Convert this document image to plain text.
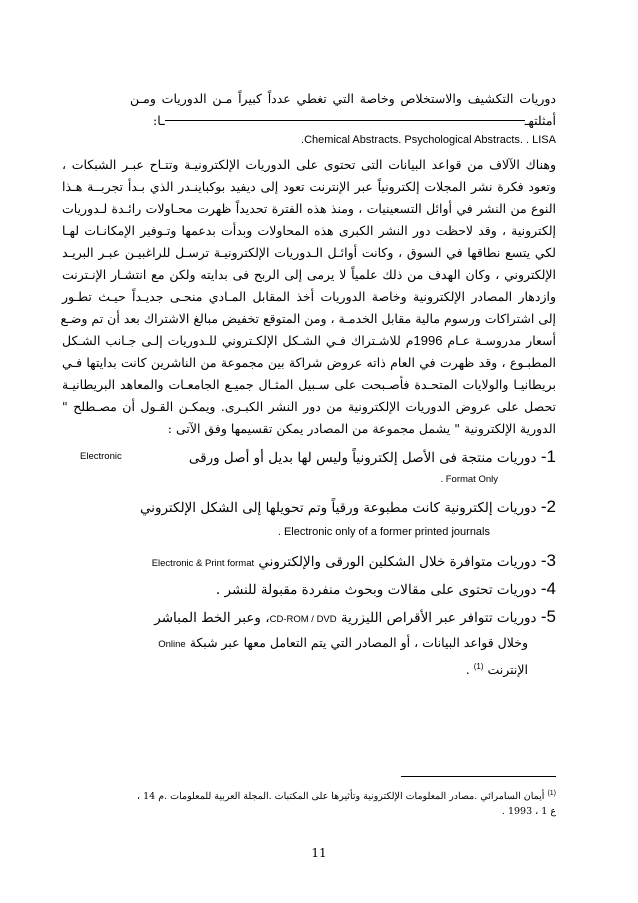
دوريات التكشيف والاستخلاص وخاصة التي تغطي عدداً كبيراً مـن الدوريات ومـن
أمثلتهــا:
.Chemical Abstracts. Psychological Abstracts. . LISA
وهناك الآلاف من قواعد البيانات التى تحتوى على الدوريات الإلكترونيـة وتتـاح عبـر الشبكات ،
وتعود فكرة نشر المجلات إلكترونياً عبر الإنترنت تعود إلى ديفيد بوكباينـدر الذي بـدأ تجربــة هـذا
النوع من النشر في أوائل التسعينيات ، ومنذ هذه الفترة تحديداً ظهرت محـاولات رائـدة لـدوريات
إلكترونية ، وقد لاحظت دور النشر الكبرى هذه المحاولات وبدأت بدعمها وتـوفير الإمكانـات لهـا
لكي يتسع نطاقها في السوق ، وكانت أوائـل الـدوريات الإلكترونيـة ترسـل للراغبيـن عبـر البريـد
الإلكتروني ، وكان الهدف من ذلك علمياً لا يرمى إلى الربح فى بدايته ولكن مع انتشـار الإنـترنت
وازدهار المصادر الإلكترونية وخاصة الدوريات أخذ المقابل المـادي منحـى جديـداً حيـث تطـور
إلى اشتراكات ورسوم مالية مقابل الخدمـة ، ومن المتوقع تخفيض مبالغ الاشتراك بعد أن تم وضـع
أسعار مدروسـة عـام 1996م للاشـتراك فـي الشـكل الإلكـتروني للـدوريات إلـى جـانب الشـكل
المطبـوع ، وقد ظهرت في العام ذاته عروض شراكة بين مجموعة من الناشرين كانت بدايتها فـي
بريطانيـا والولايات المتحـدة فأصـبحت على سـبيل المثـال جميـع الجامعـات والمعاهد البريطانيـة
تحصل على عروض الدوريات الإلكترونية من دور النشر الكبـرى. ويمكـن القـول أن مصـطلح "
الدورية الإلكترونية " يشمل مجموعة من المصادر يمكن تقسيمها وفق الآتى :
1- دوريات منتجة فى الأصل إلكترونياً وليس لها بديل أو أصل ورقى
Electronic
. Format Only
2- دوريات إلكترونية كانت مطبوعة ورقياً وتم تحويلها إلى الشكل الإلكتروني
. Electronic only of a former printed journals
3- دوريات متوافرة خلال الشكلين الورقى والإلكتروني Electronic & Print format
4- دوريات تحتوى على مقالات وبحوث منفردة مقبولة للنشر .
5- دوريات تتوافر عبر الأقراص الليزرية CD-ROM / DVD، وعبر الخط المباشر
وخلال قواعد البيانات ، أو المصادر التي يتم التعامل معها عبر شبكة Online
الإنترنت $^{(1)}$ .
$^{(1)}$ أيمان السامرائي .مصادر المعلومات الإلكترونية وتأثيرها على المكتبات .المجلة العربية للمعلومات .م 14 ،
ع 1 ، 1993 .
11
